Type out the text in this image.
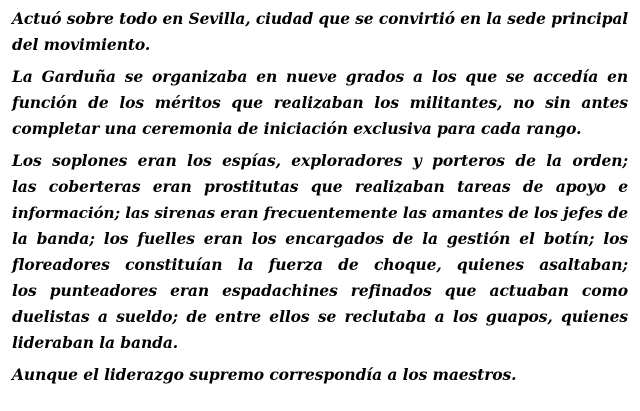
Actuó sobre todo en Sevilla, ciudad que se convirtió en la sede principal
del movimiento.

La Garduña se organizaba en nueve grados a los que se accedía en
función de los méritos que realizaban los militantes, no sin antes
completar una ceremonia de iniciación exclusiva para cada rango.

Los soplones eran los espías, exploradores y porteros de la orden;
las coberteras eran prostitutas que realizaban tareas de apoyo e
información; las sirenas eran frecuentemente las amantes de los jefes de
la banda; los fuelles eran los encargados de la gestión el botín; los
floreadores constituían la fuerza de choque, quienes asaltaban;
los punteadores eran espadachines refinados que actuaban como
duelistas a sueldo; de entre ellos se reclutaba a los guapos, quienes
lideraban la banda.

Aunque el liderazgo supremo correspondía a los maestros.
